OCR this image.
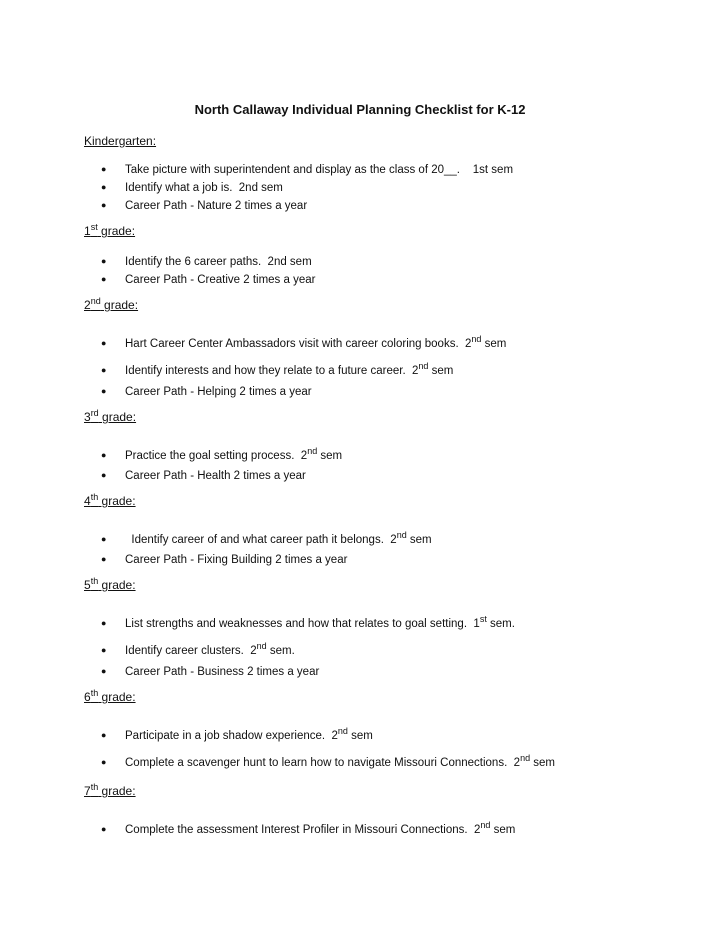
North Callaway Individual Planning Checklist for K-12
Kindergarten:
● Take picture with superintendent and display as the class of 20__.    1st sem
● Identify what a job is.  2nd sem
● Career Path - Nature 2 times a year
1st grade:
● Identify the 6 career paths.  2nd sem
● Career Path - Creative 2 times a year
2nd grade:
● Hart Career Center Ambassadors visit with career coloring books.  2nd sem
● Identify interests and how they relate to a future career.  2nd sem
● Career Path - Helping 2 times a year
3rd grade:
● Practice the goal setting process.  2nd sem
● Career Path - Health 2 times a year
4th grade:
●  Identify career of and what career path it belongs.  2nd sem
● Career Path - Fixing Building 2 times a year
5th grade:
● List strengths and weaknesses and how that relates to goal setting.  1st sem.
● Identify career clusters.  2nd sem.
● Career Path - Business 2 times a year
6th grade:
● Participate in a job shadow experience.  2nd sem
● Complete a scavenger hunt to learn how to navigate Missouri Connections.  2nd sem
7th grade:
● Complete the assessment Interest Profiler in Missouri Connections.  2nd sem
